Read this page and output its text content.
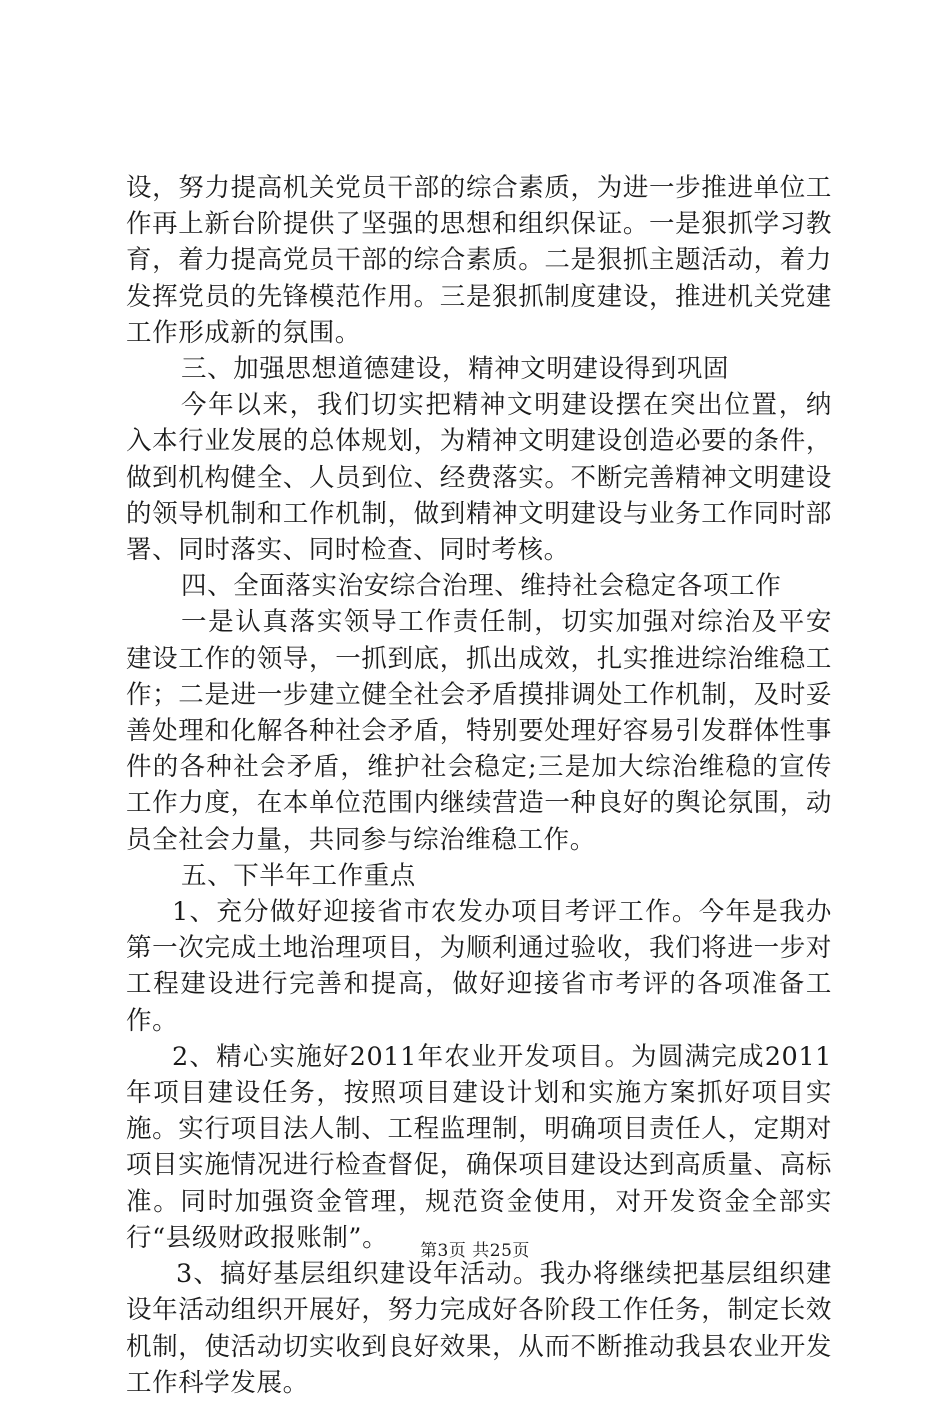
设，努力提高机关党员干部的综合素质，为进一步推进单位工作再上新台阶提供了坚强的思想和组织保证。一是狠抓学习教育，着力提高党员干部的综合素质。二是狠抓主题活动，着力发挥党员的先锋模范作用。三是狠抓制度建设，推进机关党建工作形成新的氛围。

三、加强思想道德建设，精神文明建设得到巩固

今年以来，我们切实把精神文明建设摆在突出位置，纳入本行业发展的总体规划，为精神文明建设创造必要的条件，做到机构健全、人员到位、经费落实。不断完善精神文明建设的领导机制和工作机制，做到精神文明建设与业务工作同时部署、同时落实、同时检查、同时考核。

四、全面落实治安综合治理、维持社会稳定各项工作

一是认真落实领导工作责任制，切实加强对综治及平安建设工作的领导，一抓到底，抓出成效，扎实推进综治维稳工作；二是进一步建立健全社会矛盾摸排调处工作机制，及时妥善处理和化解各种社会矛盾，特别要处理好容易引发群体性事件的各种社会矛盾，维护社会稳定;三是加大综治维稳的宣传工作力度，在本单位范围内继续营造一种良好的舆论氛围，动员全社会力量，共同参与综治维稳工作。

五、下半年工作重点

1、充分做好迎接省市农发办项目考评工作。今年是我办第一次完成土地治理项目，为顺利通过验收，我们将进一步对工程建设进行完善和提高，做好迎接省市考评的各项准备工作。

2、精心实施好2011年农业开发项目。为圆满完成2011年项目建设任务，按照项目建设计划和实施方案抓好项目实施。实行项目法人制、工程监理制，明确项目责任人，定期对项目实施情况进行检查督促，确保项目建设达到高质量、高标准。同时加强资金管理，规范资金使用，对开发资金全部实行“县级财政报账制”。

3、搞好基层组织建设年活动。我办将继续把基层组织建设年活动组织开展好，努力完成好各阶段工作任务，制定长效机制，使活动切实收到良好效果，从而不断推动我县农业开发工作科学发展。

第3页 共25页
